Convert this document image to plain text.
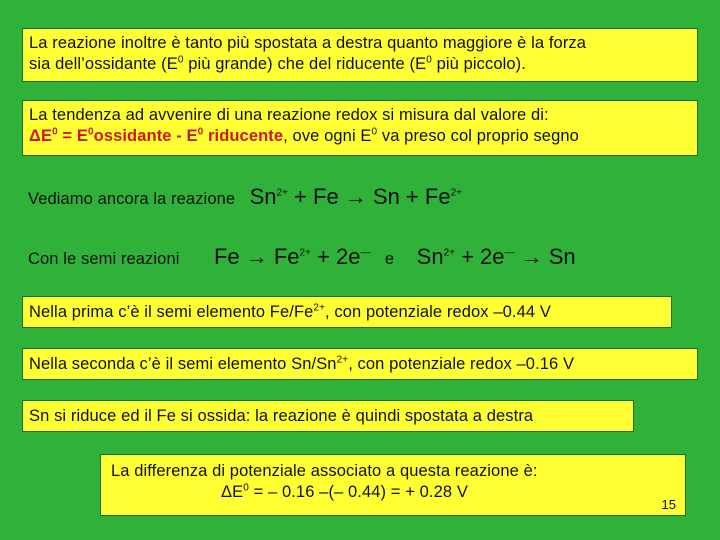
La reazione inoltre è tanto più spostata a destra quanto maggiore è la forza
sia dell’ossidante ($E^0$ più grande) che del riducente ($E^0$ più piccolo).
La tendenza ad avvenire di una reazione redox si misura dal valore di:
$\Delta E^0$ = $E^0ossidante - E^0$ riducente, ove ogni $E^0$ va preso col proprio segno
Vediamo ancora la reazione $Sn^{2+} + Fe \to Sn + Fe^{2+}$
Con le semi reazioni $Fe \to Fe^{2+} + 2e^—$ e $Sn^{2+} + 2e^— \to Sn$
Nella prima c’è il semi elemento $Fe/Fe^{2+}$, con potenziale redox –0.44 V
Nella seconda c’è il semi elemento $Sn/Sn^{2+}$, con potenziale redox –0.16 V
Sn si riduce ed il Fe si ossida: la reazione è quindi spostata a destra
La differenza di potenziale associato a questa reazione è:
$\Delta E^0$ = – 0.16 –(– 0.44) = + 0.28 V
15
